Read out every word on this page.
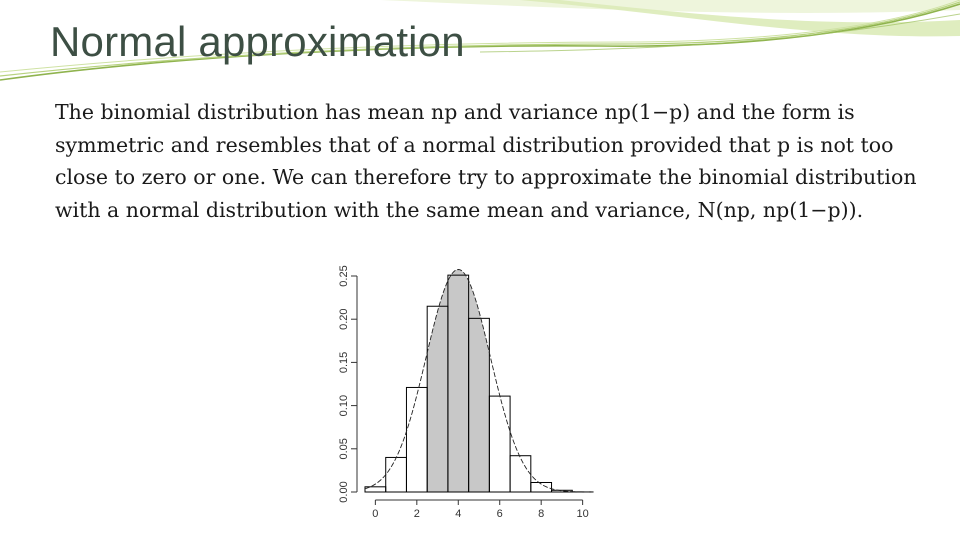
Normal approximation
The binomial distribution has mean np and variance np(1−p) and the form is symmetric and resembles that of a normal distribution provided that p is not too close to zero or one. We can therefore try to approximate the binomial distribution with a normal distribution with the same mean and variance, N(np, np(1−p)).
0.00
0.05
0.10
0.15
0.20
0.25
0	2	4	6	8	10
